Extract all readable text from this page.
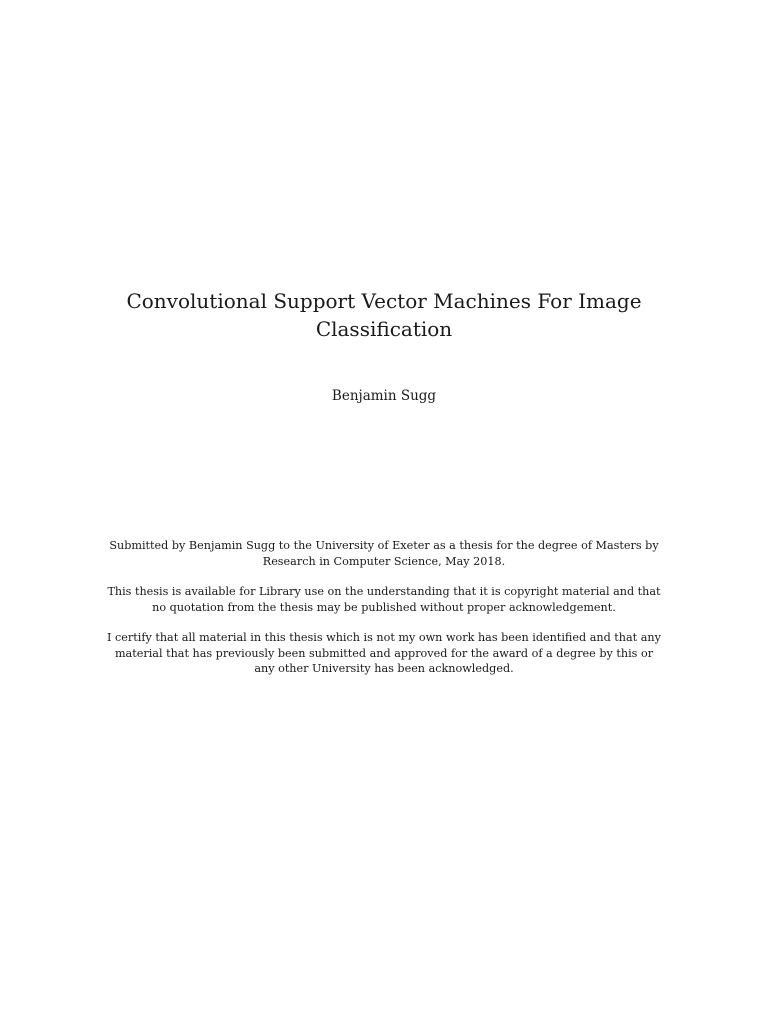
Convolutional Support Vector Machines For Image Classification
Benjamin Sugg

Submitted by Benjamin Sugg to the University of Exeter as a thesis for the degree of Masters by Research in Computer Science, May 2018.

This thesis is available for Library use on the understanding that it is copyright material and that no quotation from the thesis may be published without proper acknowledgement.

I certify that all material in this thesis which is not my own work has been identified and that any material that has previously been submitted and approved for the award of a degree by this or any other University has been acknowledged.
